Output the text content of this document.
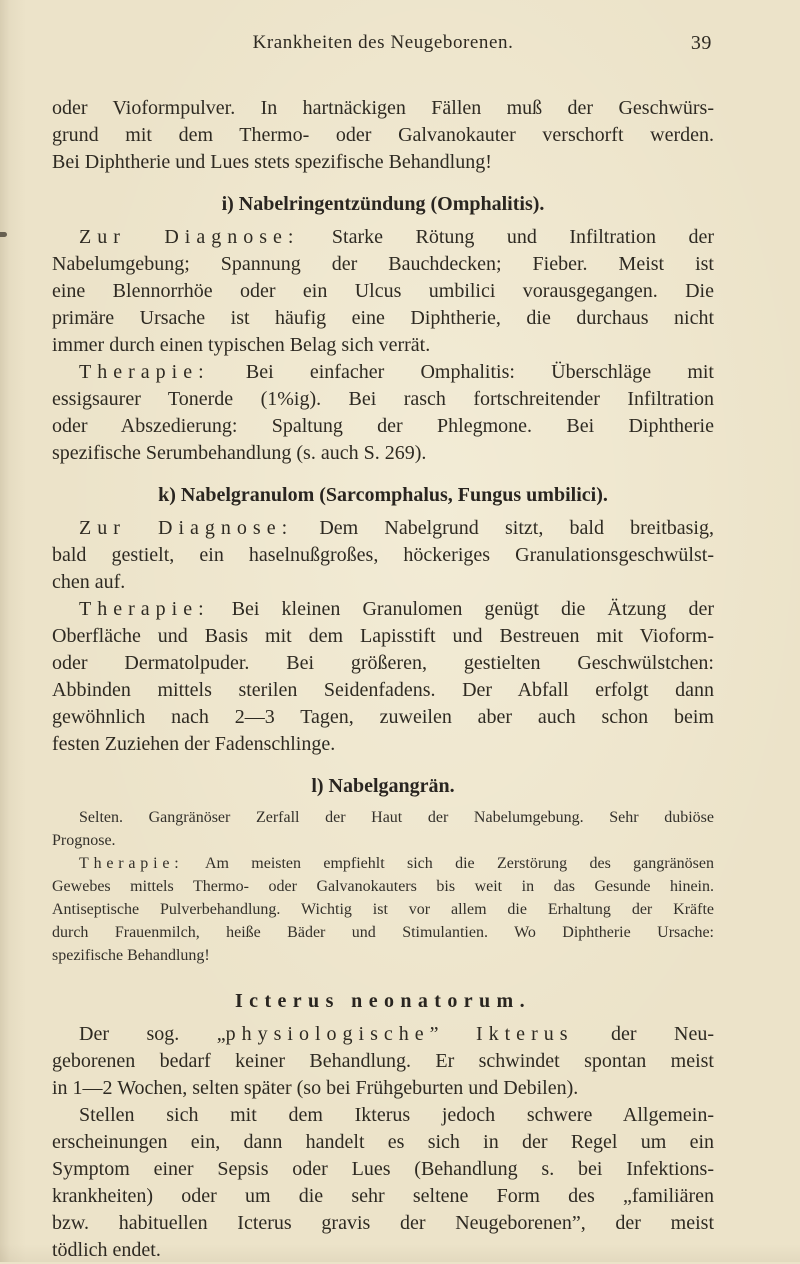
Krankheiten des Neugeborenen.	39
oder Vioformpulver. In hartnäckigen Fällen muß der Geschwürs-
grund mit dem Thermo- oder Galvanokauter verschorft werden.
Bei Diphtherie und Lues stets spezifische Behandlung!
i) Nabelringentzündung (Omphalitis).
Zur Diagnose: Starke Rötung und Infiltration der
Nabelumgebung; Spannung der Bauchdecken; Fieber. Meist ist
eine Blennorrhöe oder ein Ulcus umbilici vorausgegangen. Die
primäre Ursache ist häufig eine Diphtherie, die durchaus nicht
immer durch einen typischen Belag sich verrät.
Therapie: Bei einfacher Omphalitis: Überschläge mit
essigsaurer Tonerde (1%ig). Bei rasch fortschreitender Infiltration
oder Abszedierung: Spaltung der Phlegmone. Bei Diphtherie
spezifische Serumbehandlung (s. auch S. 269).
k) Nabelgranulom (Sarcomphalus, Fungus umbilici).
Zur Diagnose: Dem Nabelgrund sitzt, bald breitbasig,
bald gestielt, ein haselnußgroßes, höckeriges Granulationsgeschwülst-
chen auf.
Therapie: Bei kleinen Granulomen genügt die Ätzung der
Oberfläche und Basis mit dem Lapisstift und Bestreuen mit Vioform-
oder Dermatolpuder. Bei größeren, gestielten Geschwülstchen:
Abbinden mittels sterilen Seidenfadens. Der Abfall erfolgt dann
gewöhnlich nach 2—3 Tagen, zuweilen aber auch schon beim
festen Zuziehen der Fadenschlinge.
l) Nabelgangrän.
Selten. Gangränöser Zerfall der Haut der Nabelumgebung. Sehr dubiöse
Prognose.
Therapie: Am meisten empfiehlt sich die Zerstörung des gangränösen
Gewebes mittels Thermo- oder Galvanokauters bis weit in das Gesunde hinein.
Antiseptische Pulverbehandlung. Wichtig ist vor allem die Erhaltung der Kräfte
durch Frauenmilch, heiße Bäder und Stimulantien. Wo Diphtherie Ursache:
spezifische Behandlung!
Icterus neonatorum.
Der sog. „physiologische” Ikterus der Neu-
geborenen bedarf keiner Behandlung. Er schwindet spontan meist
in 1—2 Wochen, selten später (so bei Frühgeburten und Debilen).
Stellen sich mit dem Ikterus jedoch schwere Allgemein-
erscheinungen ein, dann handelt es sich in der Regel um ein
Symptom einer Sepsis oder Lues (Behandlung s. bei Infektions-
krankheiten) oder um die sehr seltene Form des „familiären
bzw. habituellen Icterus gravis der Neugeborenen”, der meist
tödlich endet.
